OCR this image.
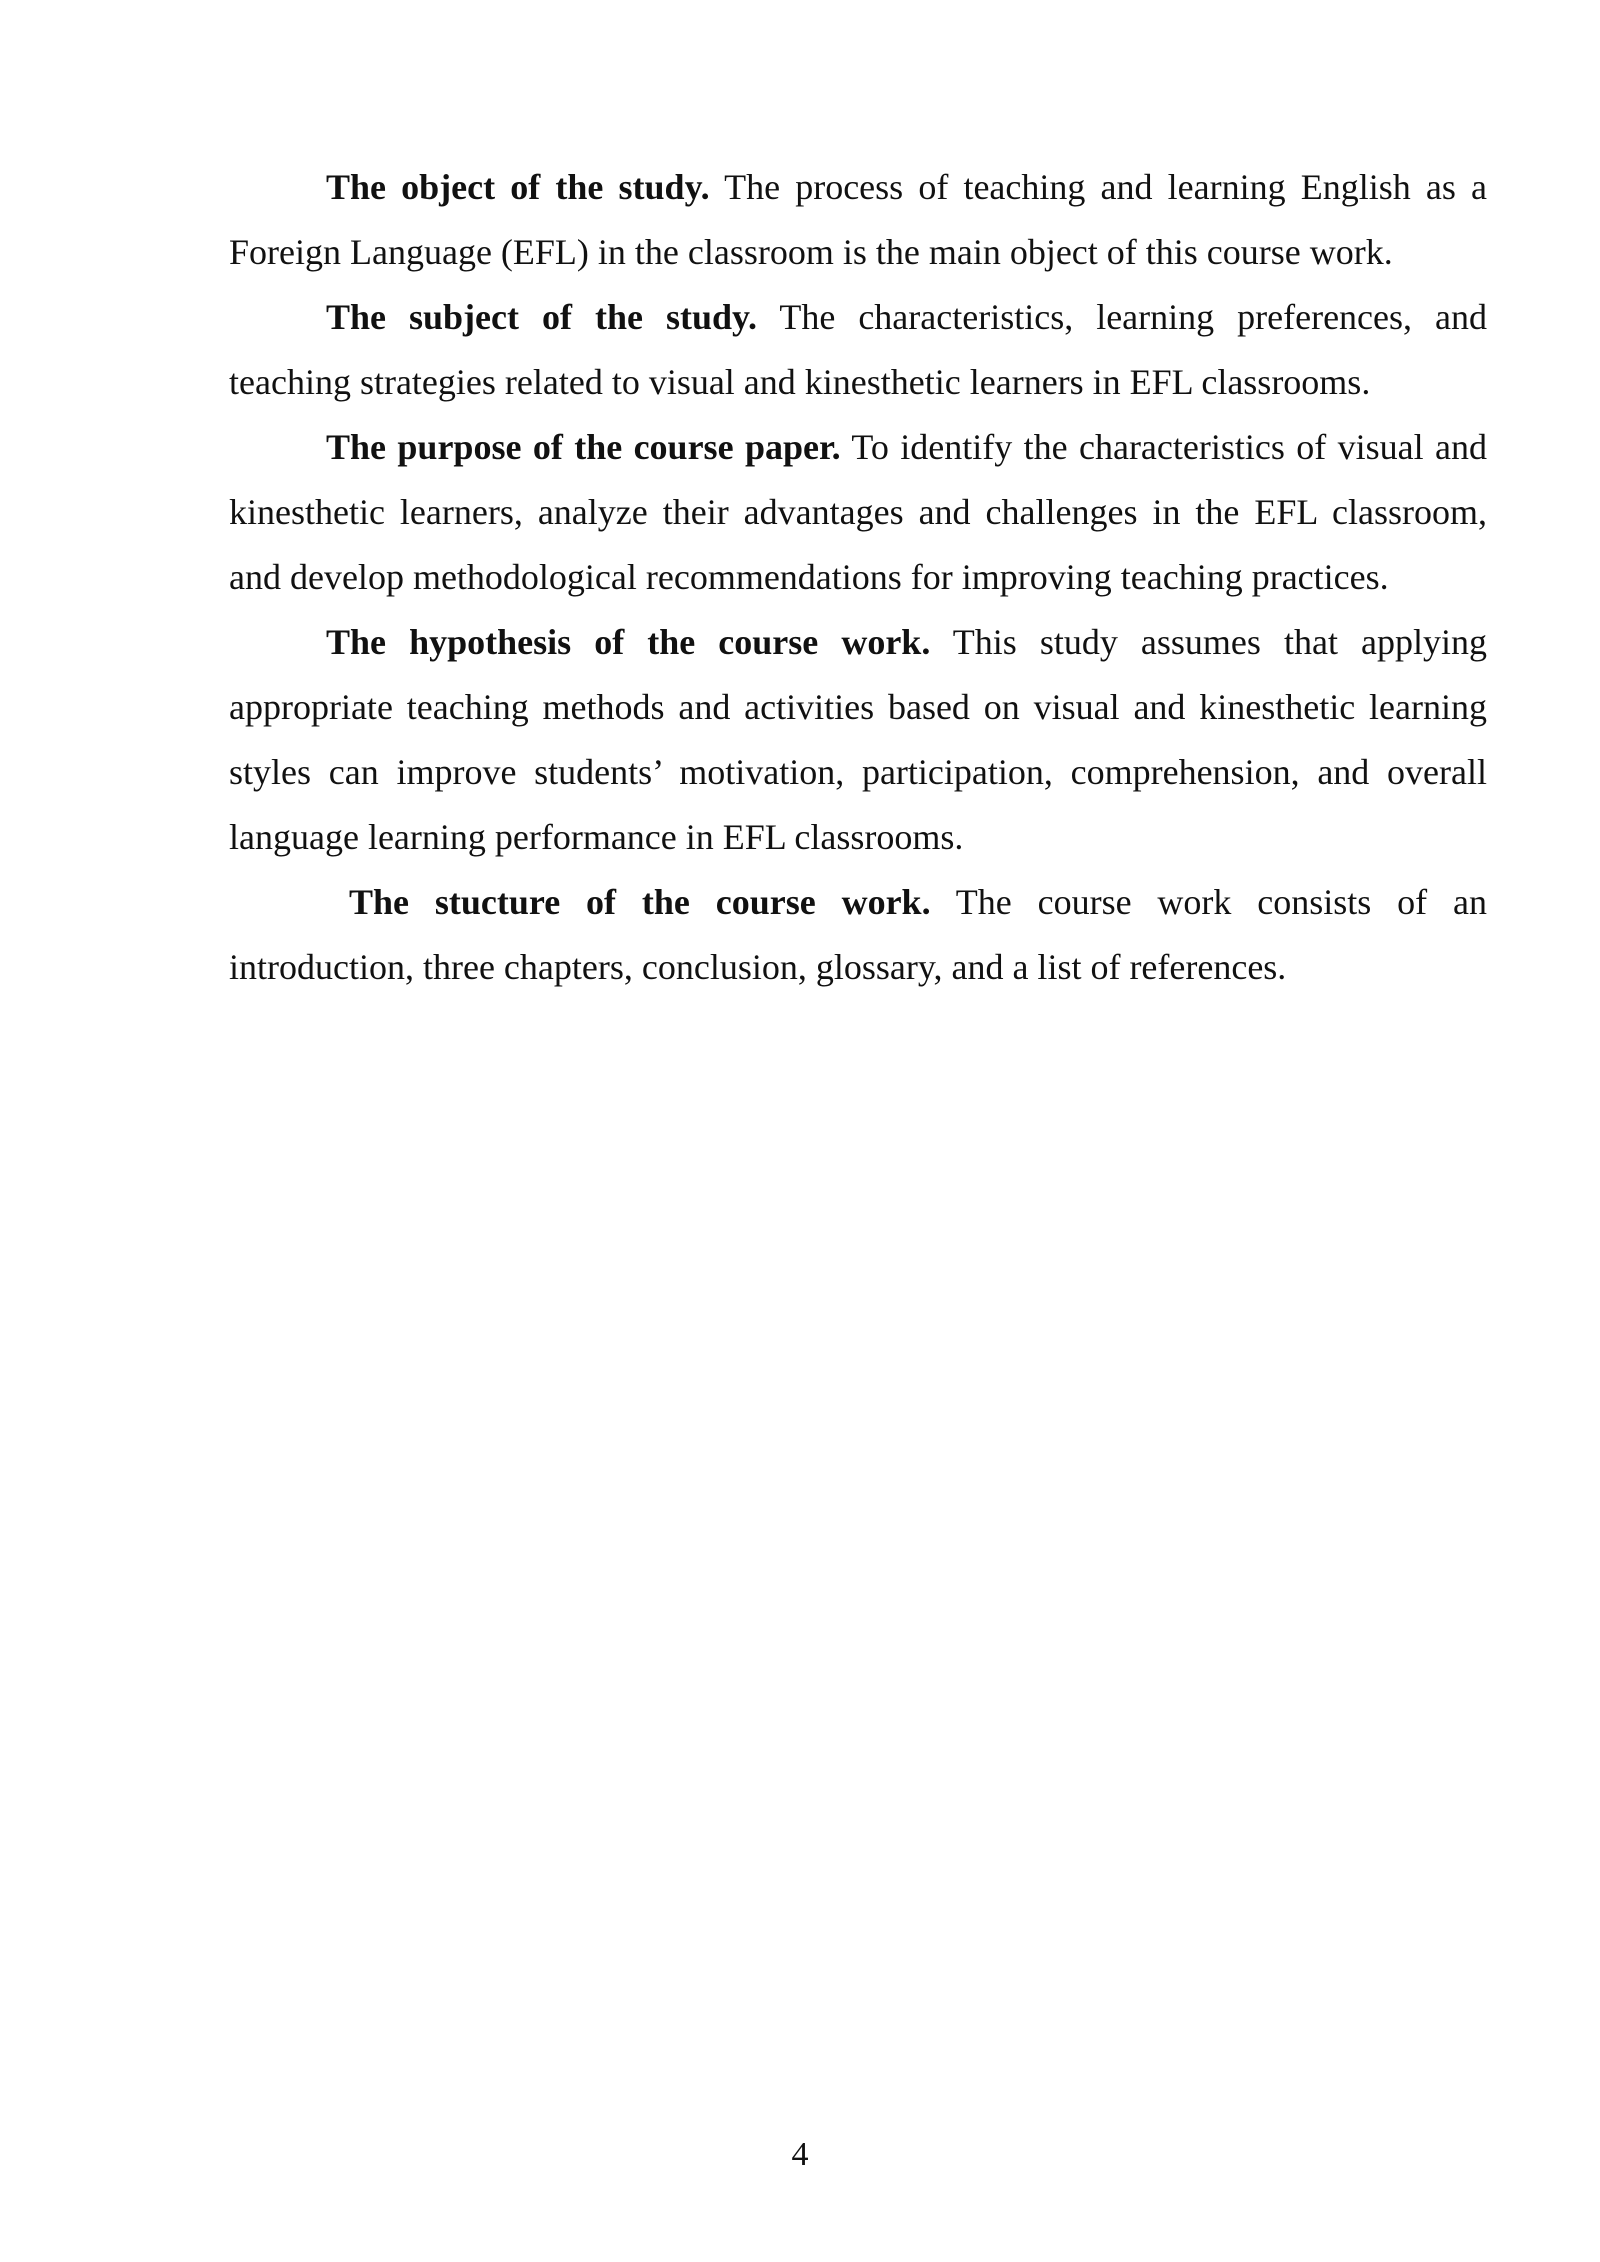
The object of the study. The process of teaching and learning English as a Foreign Language (EFL) in the classroom is the main object of this course work.

The subject of the study. The characteristics, learning preferences, and teaching strategies related to visual and kinesthetic learners in EFL classrooms.

The purpose of the course paper. To identify the characteristics of visual and kinesthetic learners, analyze their advantages and challenges in the EFL classroom, and develop methodological recommendations for improving teaching practices.

The hypothesis of the course work. This study assumes that applying appropriate teaching methods and activities based on visual and kinesthetic learning styles can improve students’ motivation, participation, comprehension, and overall language learning performance in EFL classrooms.

The stucture of the course work. The course work consists of an introduction, three chapters, conclusion, glossary, and a list of references.

4
